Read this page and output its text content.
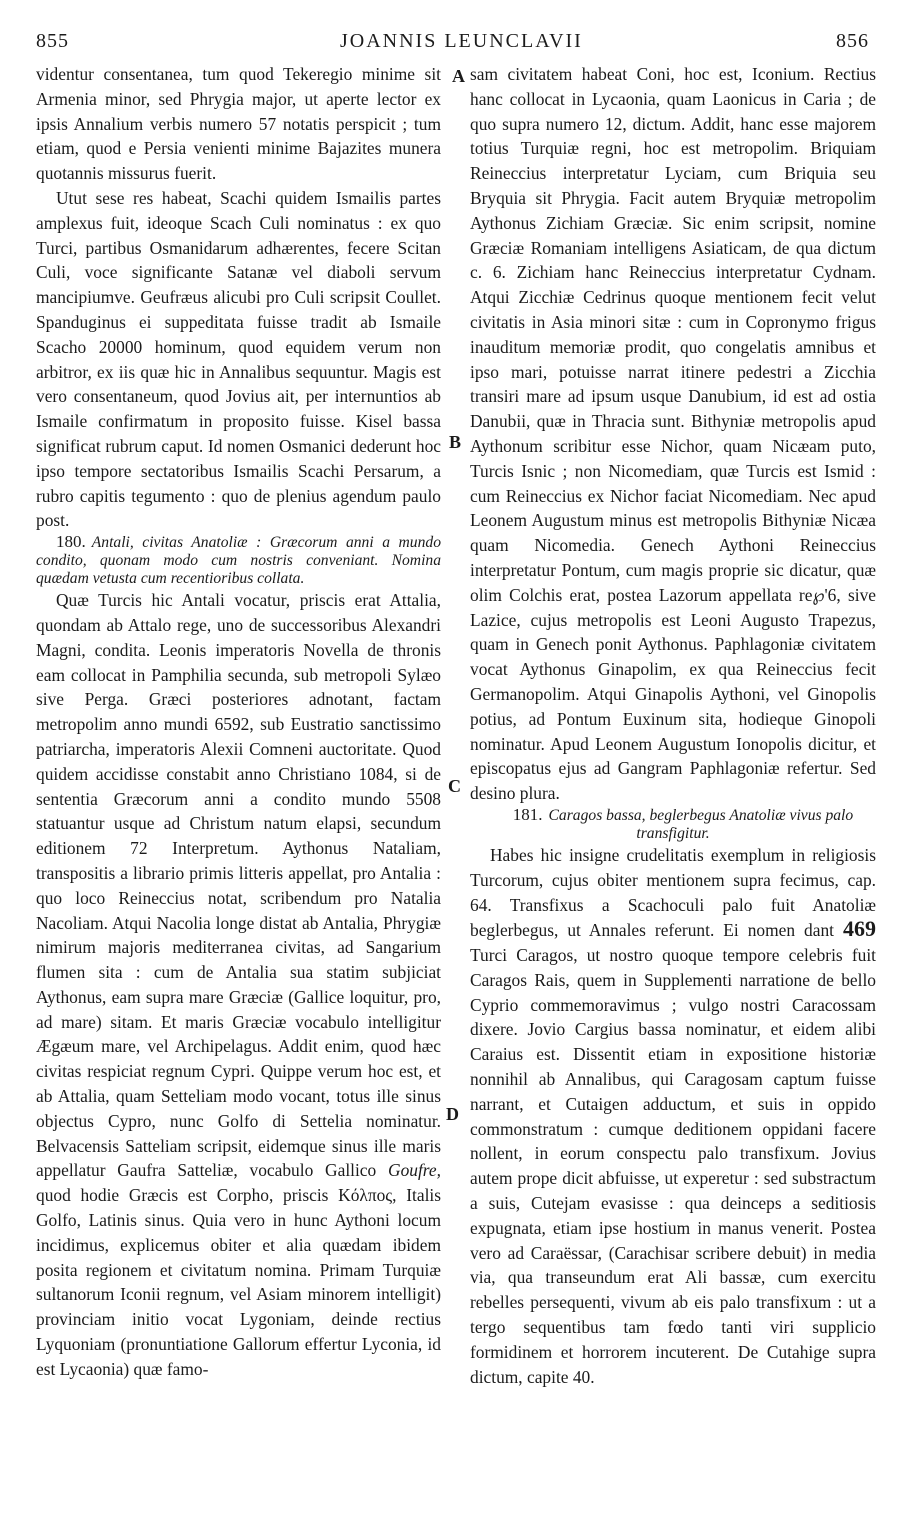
855	JOANNIS LEUNCLAVII	856
A
B
C
D

videntur consentanea, tum quod Tekeregio minime sit Armenia minor, sed Phrygia major, ut aperte lector ex ipsis Annalium verbis numero 57 notatis perspicit ; tum etiam, quod e Persia venienti minime Bajazites munera quotannis missurus fuerit.

Utut sese res habeat, Scachi quidem Ismailis partes amplexus fuit, ideoque Scach Culi nominatus : ex quo Turci, partibus Osmanidarum adhærentes, fecere Scitan Culi, voce significante Satanæ vel diaboli servum mancipiumve. Geufræus alicubi pro Culi scripsit Coullet. Spanduginus ei suppeditata fuisse tradit ab Ismaile Scacho 20000 hominum, quod equidem verum non arbitror, ex iis quæ hic in Annalibus sequuntur. Magis est vero consentaneum, quod Jovius ait, per internuntios ab Ismaile confirmatum in proposito fuisse. Kisel bassa significat rubrum caput. Id nomen Osmanici dederunt hoc ipso tempore sectatoribus Ismailis Scachi Persarum, a rubro capitis tegumento : quo de plenius agendum paulo post.

180. Antali, civitas Anatoliæ : Græcorum anni a mundo condito, quonam modo cum nostris conveniant. Nomina quædam vetusta cum recentioribus collata.

Quæ Turcis hic Antali vocatur, priscis erat Attalia, quondam ab Attalo rege, uno de successoribus Alexandri Magni, condita. Leonis imperatoris Novella de thronis eam collocat in Pamphilia secunda, sub metropoli Sylæo sive Perga. Græci posteriores adnotant, factam metropolim anno mundi 6592, sub Eustratio sanctissimo patriarcha, imperatoris Alexii Comneni auctoritate. Quod quidem accidisse constabit anno Christiano 1084, si de sententia Græcorum anni a condito mundo 5508 statuantur usque ad Christum natum elapsi, secundum editionem 72 Interpretum. Aythonus Nataliam, transpositis a librario primis litteris appellat, pro Antalia : quo loco Reineccius notat, scribendum pro Natalia Nacoliam. Atqui Nacolia longe distat ab Antalia, Phrygiæ nimirum majoris mediterranea civitas, ad Sangarium flumen sita : cum de Antalia sua statim subjiciat Aythonus, eam supra mare Græciæ (Gallice loquitur, pro, ad mare) sitam. Et maris Græciæ vocabulo intelligitur Ægæum mare, vel Archipelagus. Addit enim, quod hæc civitas respiciat regnum Cypri. Quippe verum hoc est, et ab Attalia, quam Setteliam modo vocant, totus ille sinus objectus Cypro, nunc Golfo di Settelia nominatur. Belvacensis Satteliam scripsit, eidemque sinus ille maris appellatur Gaufra Satteliæ, vocabulo Gallico Goufre, quod hodie Græcis est Corpho, priscis Κόλπος, Italis Golfo, Latinis sinus. Quia vero in hunc Aythoni locum incidimus, explicemus obiter et alia quædam ibidem posita regionem et civitatum nomina. Primam Turquiæ sultanorum Iconii regnum, vel Asiam minorem intelligit) provinciam initio vocat Lygoniam, deinde rectius Lyquoniam (pronuntiatione Gallorum effertur Lyconia, id est Lycaonia) quæ famo-

sam civitatem habeat Coni, hoc est, Iconium. Rectius hanc collocat in Lycaonia, quam Laonicus in Caria ; de quo supra numero 12, dictum. Addit, hanc esse majorem totius Turquiæ regni, hoc est metropolim. Briquiam Reineccius interpretatur Lyciam, cum Briquia seu Bryquia sit Phrygia. Facit autem Bryquiæ metropolim Aythonus Zichiam Græciæ. Sic enim scripsit, nomine Græciæ Romaniam intelligens Asiaticam, de qua dictum c. 6. Zichiam hanc Reineccius interpretatur Cydnam. Atqui Zicchiæ Cedrinus quoque mentionem fecit velut civitatis in Asia minori sitæ : cum in Copronymo frigus inauditum memoriæ prodit, quo congelatis amnibus et ipso mari, potuisse narrat itinere pedestri a Zicchia transiri mare ad ipsum usque Danubium, id est ad ostia Danubii, quæ in Thracia sunt. Bithyniæ metropolis apud Aythonum scribitur esse Nichor, quam Nicæam puto, Turcis Isnic ; non Nicomediam, quæ Turcis est Ismid : cum Reineccius ex Nichor faciat Nicomediam. Nec apud Leonem Augustum minus est metropolis Bithyniæ Nicæa quam Nicomedia. Genech Aythoni Reineccius interpretatur Pontum, cum magis proprie sic dicatur, quæ olim Colchis erat, postea Lazorum appellata re℘'6, sive Lazice, cujus metropolis est Leoni Augusto Trapezus, quam in Genech ponit Aythonus. Paphlagoniæ civitatem vocat Aythonus Ginapolim, ex qua Reineccius fecit Germanopolim. Atqui Ginapolis Aythoni, vel Ginopolis potius, ad Pontum Euxinum sita, hodieque Ginopoli nominatur. Apud Leonem Augustum Ionopolis dicitur, et episcopatus ejus ad Gangram Paphlagoniæ refertur. Sed desino plura.

181. Caragos bassa, beglerbegus Anatoliæ vivus palo transfigitur.

Habes hic insigne crudelitatis exemplum in religiosis Turcorum, cujus obiter mentionem supra fecimus, cap. 64. Transfixus a Scachoculi palo fuit Anatoliæ beglerbegus, ut Annales referunt. Ei nomen dant 469 Turci Caragos, ut nostro quoque tempore celebris fuit Caragos Rais, quem in Supplementi narratione de bello Cyprio commemoravimus ; vulgo nostri Caracossam dixere. Jovio Cargius bassa nominatur, et eidem alibi Caraius est. Dissentit etiam in expositione historiæ nonnihil ab Annalibus, qui Caragosam captum fuisse narrant, et Cutaigen adductum, et suis in oppido commonstratum : cumque deditionem oppidani facere nollent, in eorum conspectu palo transfixum. Jovius autem prope dicit abfuisse, ut experetur : sed substractum a suis, Cutejam evasisse : qua deinceps a seditiosis expugnata, etiam ipse hostium in manus venerit. Postea vero ad Caraëssar, (Carachisar scribere debuit) in media via, qua transeundum erat Ali bassæ, cum exercitu rebelles persequenti, vivum ab eis palo transfixum : ut a tergo sequentibus tam fœdo tanti viri supplicio formidinem et horrorem incuterent. De Cutahige supra dictum, capite 40.
